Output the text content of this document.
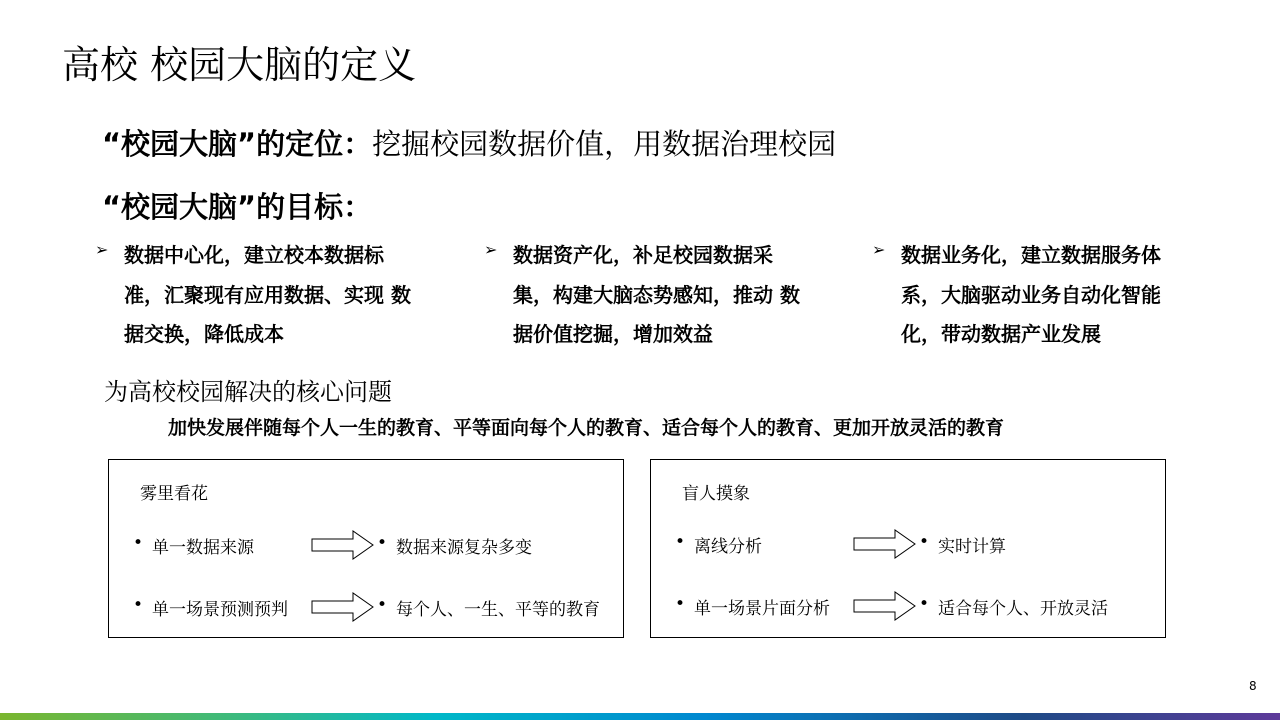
高校 校园大脑的定义
“校园大脑”的定位：挖掘校园数据价值，用数据治理校园
“校园大脑”的目标：
➢ 数据中心化，建立校本数据标 准，汇聚现有应用数据、实现 数据交换，降低成本
➢ 数据资产化，补足校园数据采 集，构建大脑态势感知，推动 数据价值挖掘，增加效益
➢ 数据业务化，建立数据服务体 系，大脑驱动业务自动化智能 化，带动数据产业发展
为高校校园解决的核心问题
加快发展伴随每个人一生的教育、平等面向每个人的教育、适合每个人的教育、更加开放灵活的教育
雾里看花
• 单一数据来源	• 数据来源复杂多变
• 单一场景预测预判	• 每个人、一生、平等的教育
盲人摸象
• 离线分析	• 实时计算
• 单一场景片面分析	• 适合每个人、开放灵活
8
